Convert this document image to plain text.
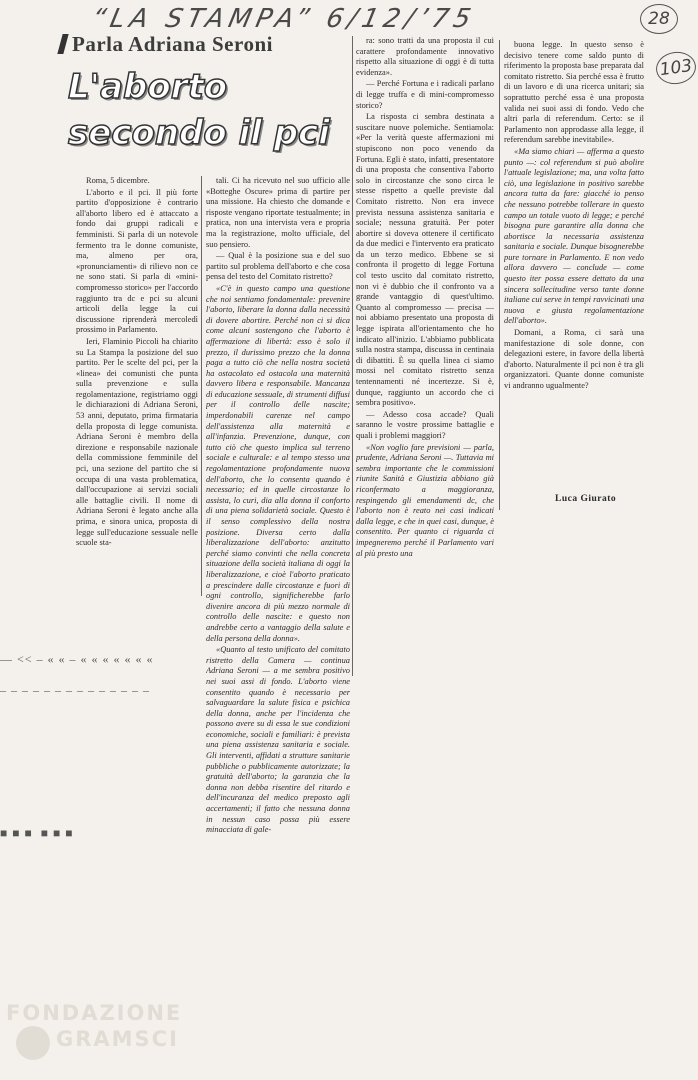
“LA STAMPA” 6/12/’75	28
103
Parla Adriana Seroni
L'aborto secondo il pci

Roma, 5 dicembre.

L'aborto e il pci. Il più forte partito d'opposizione è contrario all'aborto libero ed è attaccato a fondo dai gruppi radicali e femministi. Si parla di un notevole fermento tra le donne comuniste, ma, almeno per ora, «pronunciamenti» di rilievo non ce ne sono stati. Si parla di «mini-compromesso storico» per l'accordo raggiunto tra dc e pci su alcuni articoli della legge la cui discussione riprenderà mercoledì prossimo in Parlamento.

Ieri, Flaminio Piccoli ha chiarito su La Stampa la posizione del suo partito. Per le scelte del pci, per la «linea» dei comunisti che punta sulla prevenzione e sulla regolamentazione, registriamo oggi le dichiarazioni di Adriana Seroni, 53 anni, deputato, prima firmataria della proposta di legge comunista. Adriana Seroni è membro della direzione e responsabile nazionale della commissione femminile del pci, una sezione del partito che si occupa di una vasta problematica, dall'occupazione ai servizi sociali alle battaglie civili. Il nome di Adriana Seroni è legato anche alla prima, e sinora unica, proposta di legge sull'educazione sessuale nelle scuole sta-

tali. Ci ha ricevuto nel suo ufficio alle «Botteghe Oscure» prima di partire per una missione. Ha chiesto che domande e risposte vengano riportate testualmente; in pratica, non una intervista vera e propria ma la registrazione, molto ufficiale, del suo pensiero.

— Qual è la posizione sua e del suo partito sul problema dell'aborto e che cosa pensa del testo del Comitato ristretto?

«C'è in questo campo una questione che noi sentiamo fondamentale: prevenire l'aborto, liberare la donna dalla necessità di dovere abortire. Perché non ci si dica come alcuni sostengono che l'aborto è affermazione di libertà: esso è solo il prezzo, il durissimo prezzo che la donna paga a tutto ciò che nella nostra società ha ostacolato ed ostacola una maternità davvero libera e responsabile. Mancanza di educazione sessuale, di strumenti diffusi per il controllo delle nascite; imperdonabili carenze nel campo dell'assistenza alla maternità e all'infanzia. Prevenzione, dunque, con tutto ciò che questo implica sul terreno sociale e culturale: e al tempo stesso una regolamentazione profondamente nuova dell'aborto, che lo consenta quando è necessario; ed in quelle circostanze lo assista, lo curi, dia alla donna il conforto di una piena solidarietà sociale. Questo è il senso complessivo della nostra posizione. Diversa certo dalla liberalizzazione dell'aborto: anzitutto perché siamo convinti che nella concreta situazione della società italiana di oggi la liberalizzazione, e cioè l'aborto praticato a prescindere dalle circostanze e fuori di ogni controllo, significherebbe farlo divenire ancora di più mezzo normale di controllo delle nascite: e questo non andrebbe certo a vantaggio della salute e della persona della donna».

«Quanto al testo unificato del comitato ristretto della Camera — continua Adriana Seroni — a me sembra positivo nei suoi assi di fondo. L'aborto viene consentito quando è necessario per salvaguardare la salute fisica e psichica della donna, anche per l'incidenza che possono avere su di essa le sue condizioni economiche, sociali e familiari: è prevista una piena assistenza sanitaria e sociale. Gli interventi, affidati a strutture sanitarie pubbliche o pubblicamente autorizzate; la gratuità dell'aborto; la garanzia che la donna non debba risentire del ritardo e dell'incuranza del medico preposto agli accertamenti; il fatto che nessuna donna in nessun caso possa più essere minacciata di gale-

ra: sono tratti da una proposta il cui carattere profondamente innovativo rispetto alla situazione di oggi è di tutta evidenza».

— Perché Fortuna e i radicali parlano di legge truffa e di mini-compromesso storico?

La risposta ci sembra destinata a suscitare nuove polemiche. Sentiamola: «Per la verità queste affermazioni mi stupiscono non poco venendo da Fortuna. Egli è stato, infatti, presentatore di una proposta che consentiva l'aborto solo in circostanze che sono circa le stesse rispetto a quelle previste dal Comitato ristretto. Non era invece prevista nessuna assistenza sanitaria e sociale; nessuna gratuità. Per poter abortire si doveva ottenere il certificato da due medici e l'intervento era praticato da un terzo medico. Ebbene se si confronta il progetto di legge Fortuna col testo uscito dal comitato ristretto, non vi è dubbio che il confronto va a grande vantaggio di quest'ultimo. Quanto al compromesso — precisa — noi abbiamo presentato una proposta di legge ispirata all'orientamento che ho indicato all'inizio. L'abbiamo pubblicata sulla nostra stampa, discussa in centinaia di dibattiti. È su quella linea ci siamo mossi nel comitato ristretto senza tentennamenti né incertezze. Si è, dunque, raggiunto un accordo che ci sembra positivo».

— Adesso cosa accade? Quali saranno le vostre prossime battaglie e quali i problemi maggiori?

«Non voglio fare previsioni — parla, prudente, Adriana Seroni —. Tuttavia mi sembra importante che le commissioni riunite Sanità e Giustizia abbiano già riconfermato a maggioranza, respingendo gli emendamenti dc, che l'aborto non è reato nei casi indicati dalla legge, e che in quei casi, dunque, è consentito. Per quanto ci riguarda ci impegneremo perché il Parlamento vari al più presto una

buona legge. In questo senso è decisivo tenere come saldo punto di riferimento la proposta base preparata dal comitato ristretto. Sia perché essa è frutto di un lavoro e di una ricerca unitari; sia soprattutto perché essa è una proposta valida nei suoi assi di fondo. Vedo che altri parla di referendum. Certo: se il Parlamento non approdasse alla legge, il referendum sarebbe inevitabile».

«Ma siamo chiari — afferma a questo punto —: col referendum si può abolire l'attuale legislazione; ma, una volta fatto ciò, una legislazione in positivo sarebbe ancora tutta da fare: giacché io penso che nessuno potrebbe tollerare in questo campo un totale vuoto di legge; e perché bisogna pure garantire alla donna che abortisce la necessaria assistenza sanitaria e sociale. Dunque bisognerebbe pure tornare in Parlamento. E non vedo allora davvero — conclude — come questo iter possa essere dettato da una sincera sollecitudine verso tante donne italiane cui serve in tempi ravvicinati una nuova e giusta regolamentazione dell'aborto».

Domani, a Roma, ci sarà una manifestazione di sole donne, con delegazioni estere, in favore della libertà d'aborto. Naturalmente il pci non è tra gli organizzatori. Quante donne comuniste vi andranno ugualmente?

Luca Giurato
— << – « « – « « « « « « «
– – – – – – – – – – – – – –
■ ■ ■  ■ ■ ■
FONDAZIONE
GRAMSCI
